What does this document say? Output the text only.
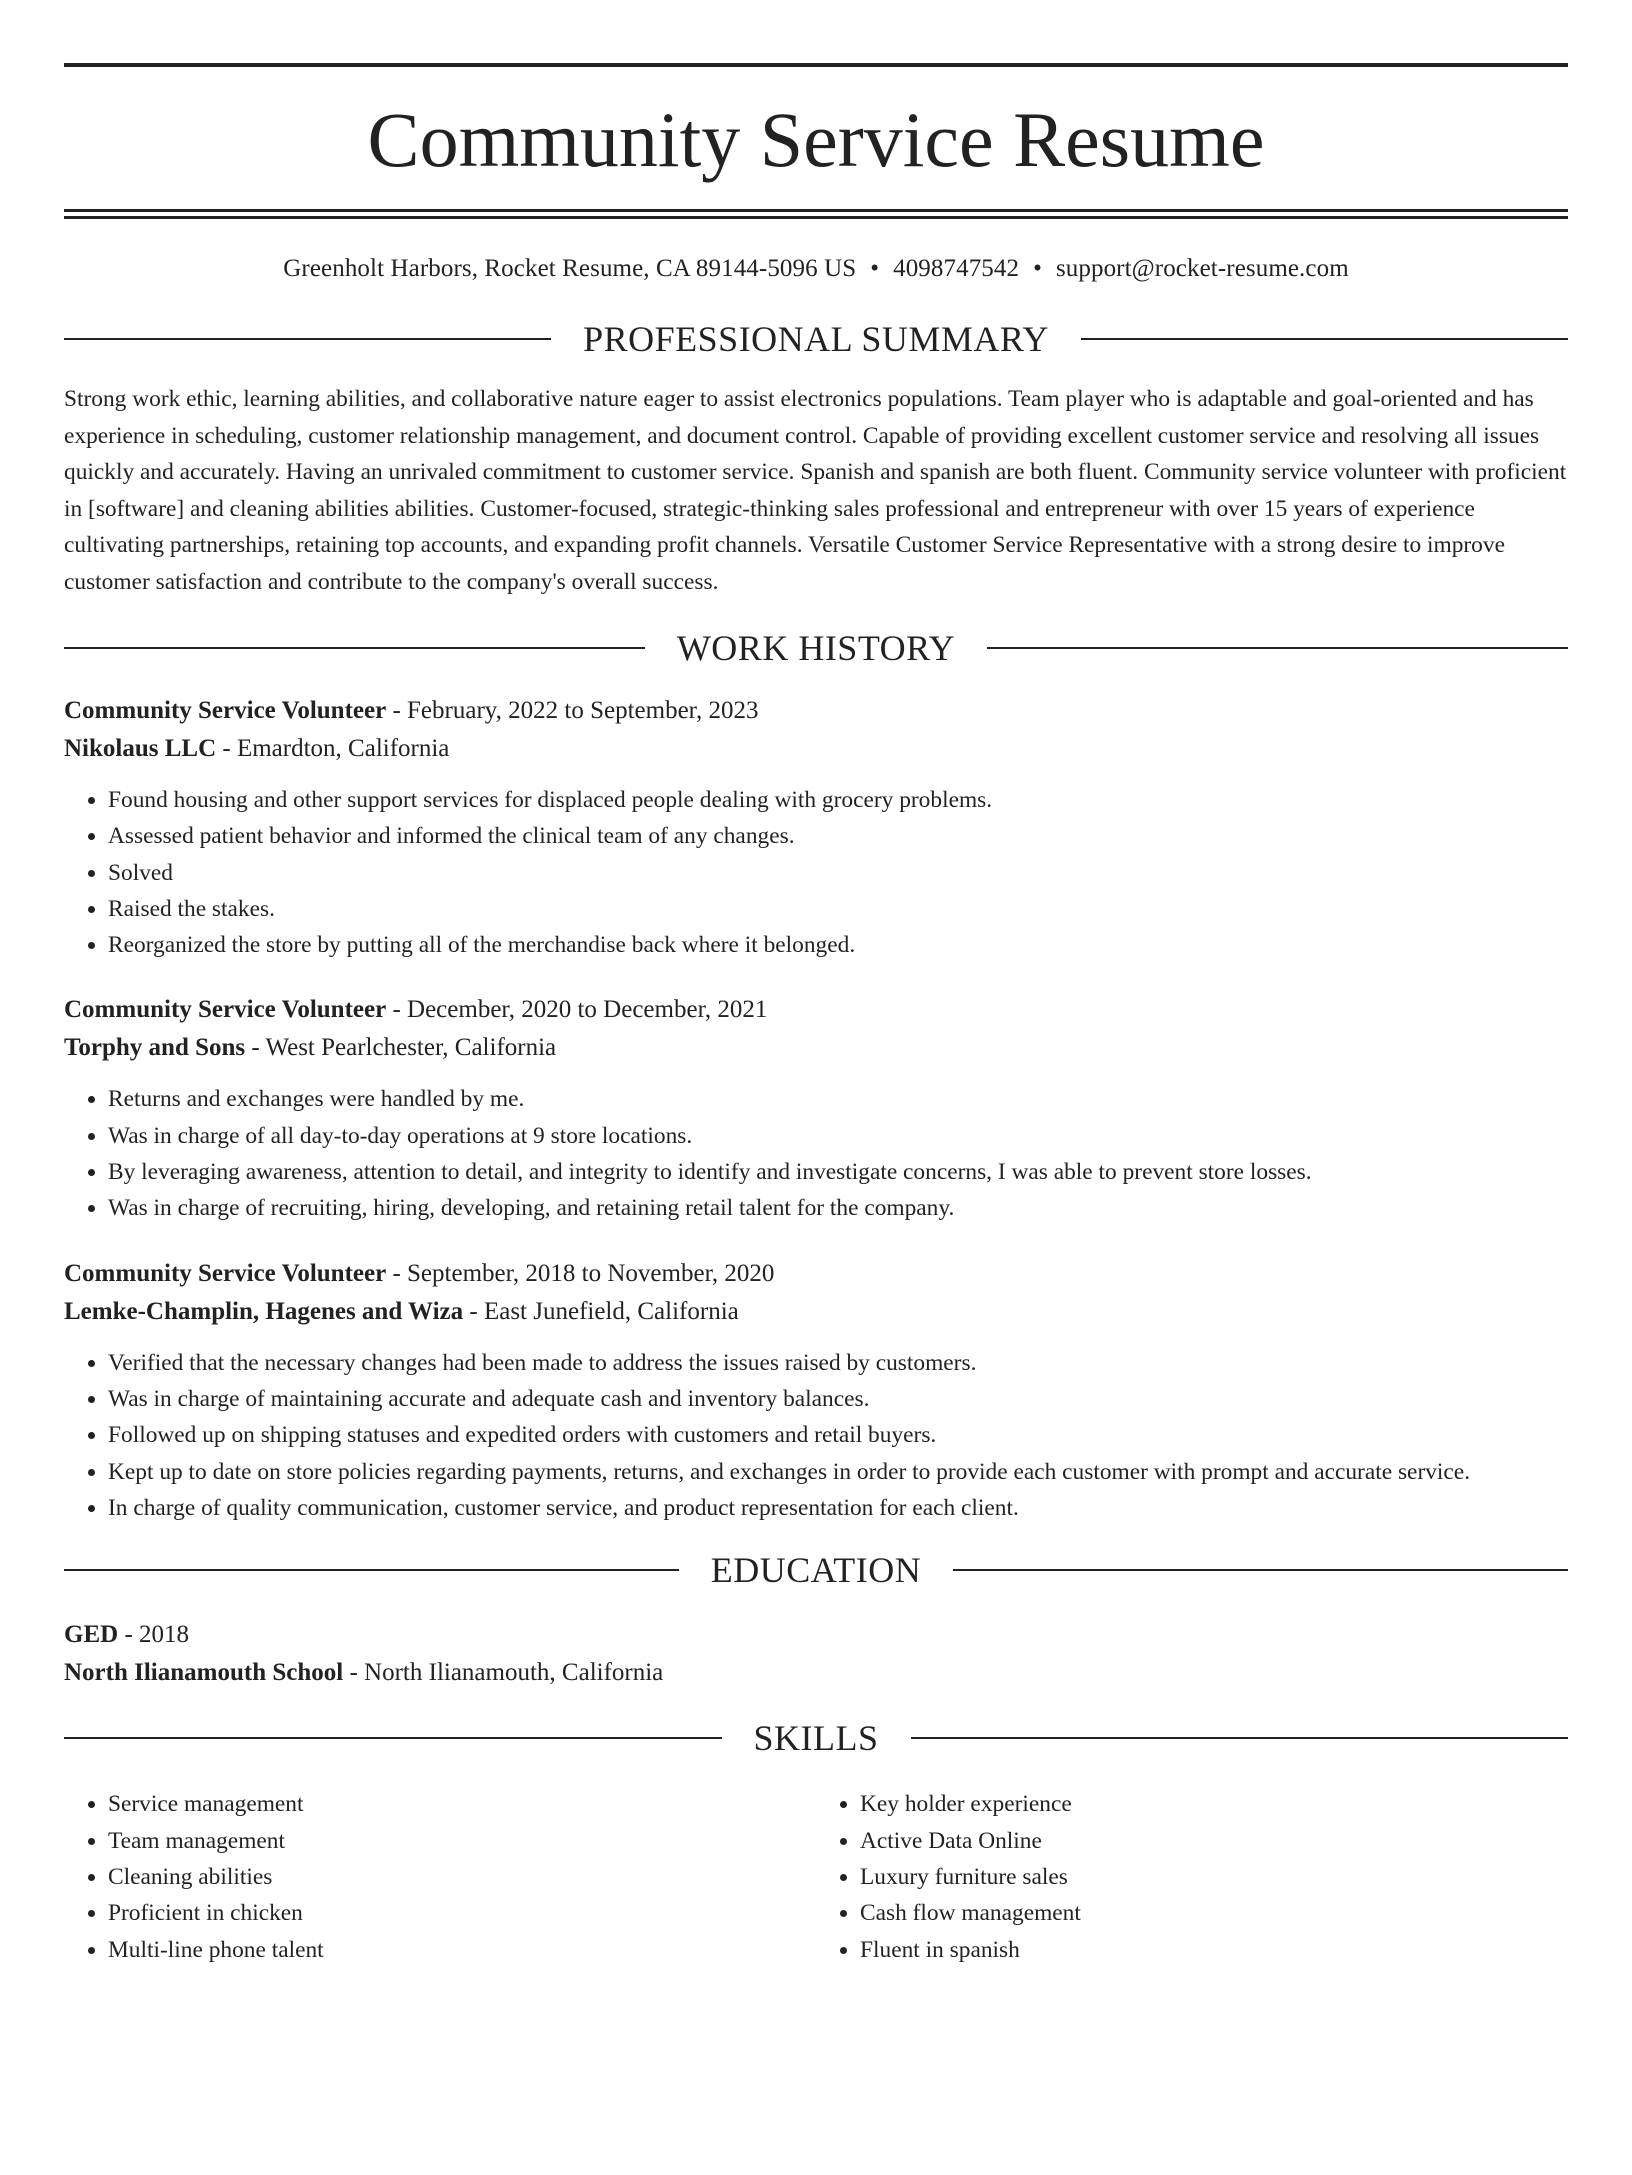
Community Service Resume
Greenholt Harbors, Rocket Resume, CA 89144-5096 US • 4098747542 • support@rocket-resume.com
PROFESSIONAL SUMMARY
Strong work ethic, learning abilities, and collaborative nature eager to assist electronics populations. Team player who is adaptable and goal-oriented and has experience in scheduling, customer relationship management, and document control. Capable of providing excellent customer service and resolving all issues quickly and accurately. Having an unrivaled commitment to customer service. Spanish and spanish are both fluent. Community service volunteer with proficient in [software] and cleaning abilities abilities. Customer-focused, strategic-thinking sales professional and entrepreneur with over 15 years of experience cultivating partnerships, retaining top accounts, and expanding profit channels. Versatile Customer Service Representative with a strong desire to improve customer satisfaction and contribute to the company's overall success.
WORK HISTORY
Community Service Volunteer - February, 2022 to September, 2023
Nikolaus LLC - Emardton, California
• Found housing and other support services for displaced people dealing with grocery problems.
• Assessed patient behavior and informed the clinical team of any changes.
• Solved
• Raised the stakes.
• Reorganized the store by putting all of the merchandise back where it belonged.
Community Service Volunteer - December, 2020 to December, 2021
Torphy and Sons - West Pearlchester, California
• Returns and exchanges were handled by me.
• Was in charge of all day-to-day operations at 9 store locations.
• By leveraging awareness, attention to detail, and integrity to identify and investigate concerns, I was able to prevent store losses.
• Was in charge of recruiting, hiring, developing, and retaining retail talent for the company.
Community Service Volunteer - September, 2018 to November, 2020
Lemke-Champlin, Hagenes and Wiza - East Junefield, California
• Verified that the necessary changes had been made to address the issues raised by customers.
• Was in charge of maintaining accurate and adequate cash and inventory balances.
• Followed up on shipping statuses and expedited orders with customers and retail buyers.
• Kept up to date on store policies regarding payments, returns, and exchanges in order to provide each customer with prompt and accurate service.
• In charge of quality communication, customer service, and product representation for each client.
EDUCATION
GED - 2018
North Ilianamouth School - North Ilianamouth, California
SKILLS
• Service management
• Team management
• Cleaning abilities
• Proficient in chicken
• Multi-line phone talent
• Key holder experience
• Active Data Online
• Luxury furniture sales
• Cash flow management
• Fluent in spanish
